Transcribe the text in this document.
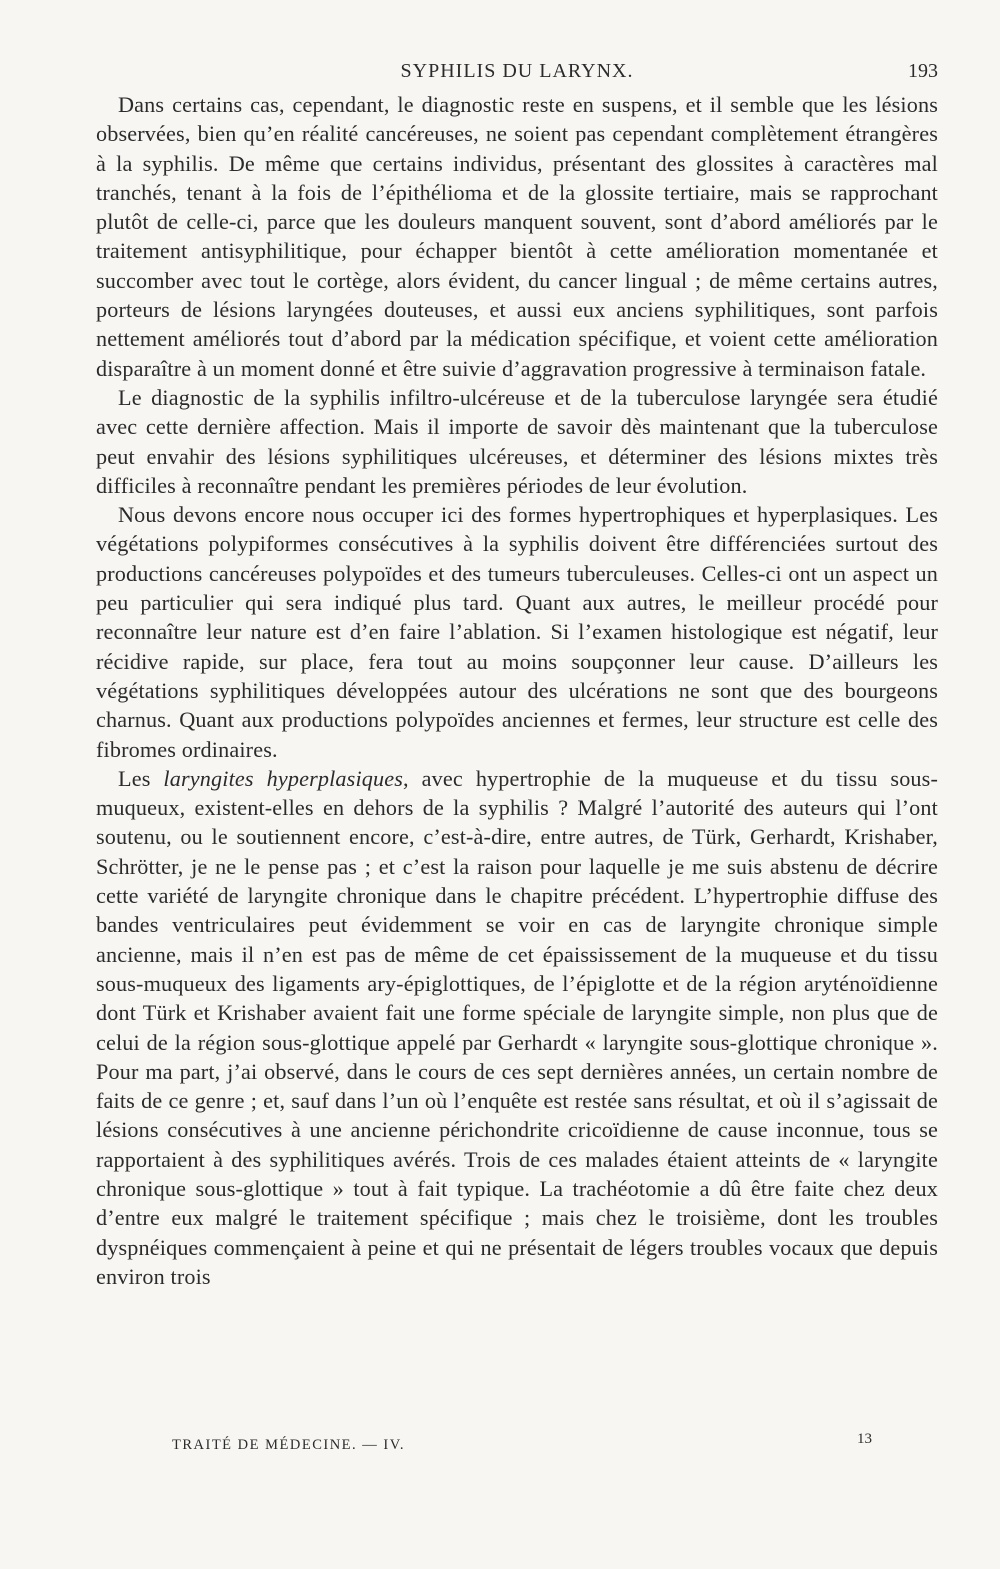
SYPHILIS DU LARYNX.	193

Dans certains cas, cependant, le diagnostic reste en suspens, et il semble que les lésions observées, bien qu’en réalité cancéreuses, ne soient pas cependant complètement étrangères à la syphilis. De même que certains individus, présentant des glossites à caractères mal tranchés, tenant à la fois de l’épithélioma et de la glossite tertiaire, mais se rapprochant plutôt de celle-ci, parce que les douleurs manquent souvent, sont d’abord améliorés par le traitement antisyphilitique, pour échapper bientôt à cette amélioration momentanée et succomber avec tout le cortège, alors évident, du cancer lingual ; de même certains autres, porteurs de lésions laryngées douteuses, et aussi eux anciens syphilitiques, sont parfois nettement améliorés tout d’abord par la médication spécifique, et voient cette amélioration disparaître à un moment donné et être suivie d’aggravation progressive à terminaison fatale.

Le diagnostic de la syphilis infiltro-ulcéreuse et de la tuberculose laryngée sera étudié avec cette dernière affection. Mais il importe de savoir dès maintenant que la tuberculose peut envahir des lésions syphilitiques ulcéreuses, et déterminer des lésions mixtes très difficiles à reconnaître pendant les premières périodes de leur évolution.

Nous devons encore nous occuper ici des formes hypertrophiques et hyperplasiques. Les végétations polypiformes consécutives à la syphilis doivent être différenciées surtout des productions cancéreuses polypoïdes et des tumeurs tuberculeuses. Celles-ci ont un aspect un peu particulier qui sera indiqué plus tard. Quant aux autres, le meilleur procédé pour reconnaître leur nature est d’en faire l’ablation. Si l’examen histologique est négatif, leur récidive rapide, sur place, fera tout au moins soupçonner leur cause. D’ailleurs les végétations syphilitiques développées autour des ulcérations ne sont que des bourgeons charnus. Quant aux productions polypoïdes anciennes et fermes, leur structure est celle des fibromes ordinaires.

Les laryngites hyperplasiques, avec hypertrophie de la muqueuse et du tissu sous-muqueux, existent-elles en dehors de la syphilis ? Malgré l’autorité des auteurs qui l’ont soutenu, ou le soutiennent encore, c’est-à-dire, entre autres, de Türk, Gerhardt, Krishaber, Schrötter, je ne le pense pas ; et c’est la raison pour laquelle je me suis abstenu de décrire cette variété de laryngite chronique dans le chapitre précédent. L’hypertrophie diffuse des bandes ventriculaires peut évidemment se voir en cas de laryngite chronique simple ancienne, mais il n’en est pas de même de cet épaississement de la muqueuse et du tissu sous-muqueux des ligaments ary-épiglottiques, de l’épiglotte et de la région aryténoïdienne dont Türk et Krishaber avaient fait une forme spéciale de laryngite simple, non plus que de celui de la région sous-glottique appelé par Gerhardt « laryngite sous-glottique chronique ». Pour ma part, j’ai observé, dans le cours de ces sept dernières années, un certain nombre de faits de ce genre ; et, sauf dans l’un où l’enquête est restée sans résultat, et où il s’agissait de lésions consécutives à une ancienne périchondrite cricoïdienne de cause inconnue, tous se rapportaient à des syphilitiques avérés. Trois de ces malades étaient atteints de « laryngite chronique sous-glottique » tout à fait typique. La trachéotomie a dû être faite chez deux d’entre eux malgré le traitement spécifique ; mais chez le troisième, dont les troubles dyspnéiques commençaient à peine et qui ne présentait de légers troubles vocaux que depuis environ trois

TRAITÉ DE MÉDECINE. — IV.	13
